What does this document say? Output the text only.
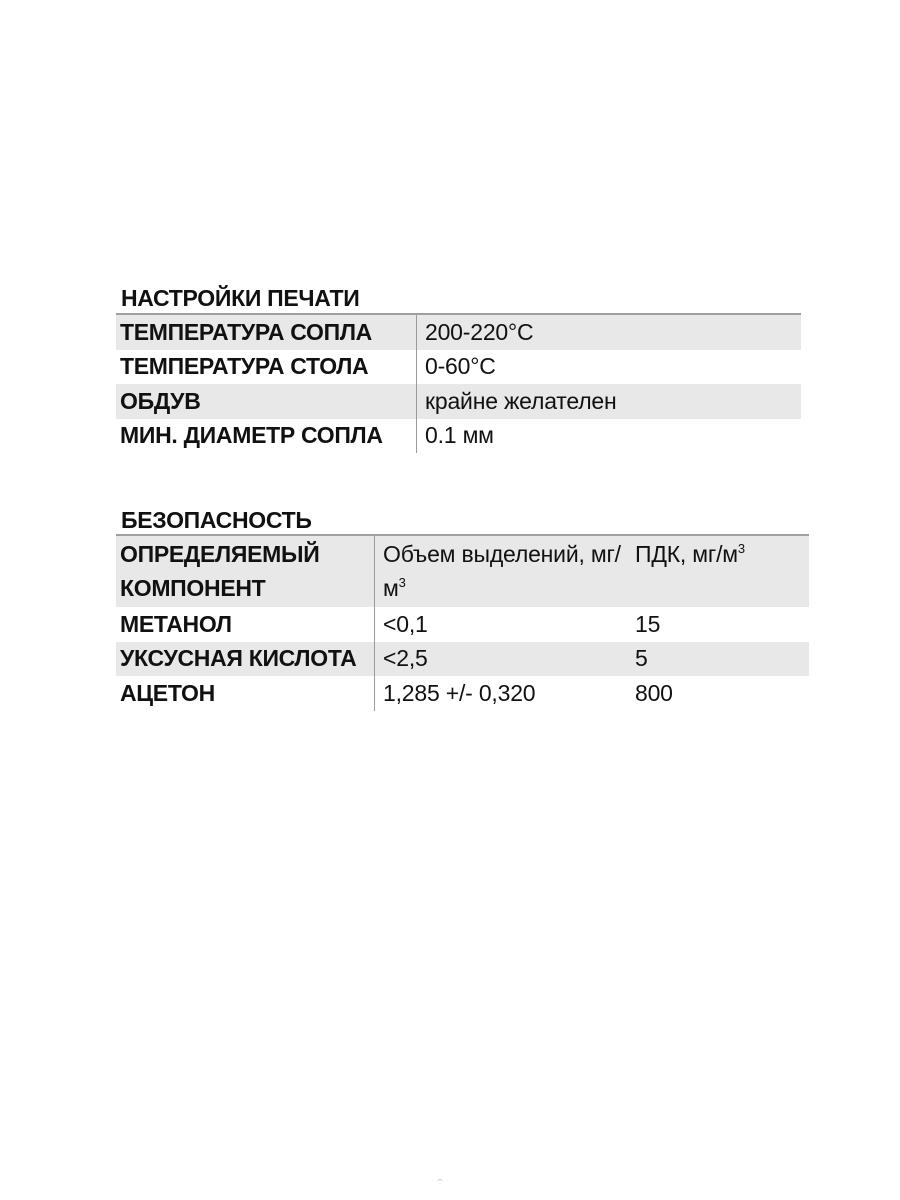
НАСТРОЙКИ ПЕЧАТИ
ТЕМПЕРАТУРА СОПЛА	200-220°C
ТЕМПЕРАТУРА СТОЛА	0-60°C
ОБДУВ	крайне желателен
МИН. ДИАМЕТР СОПЛА	0.1 мм
БЕЗОПАСНОСТЬ
ОПРЕДЕЛЯЕМЫЙ КОМПОНЕНТ	Объем выделений, $мг/м^3$	ПДК, $мг/м^3$
МЕТАНОЛ	<0,1	15
УКСУСНАЯ КИСЛОТА	<2,5	5
АЦЕТОН	1,285 +/- 0,320	800
